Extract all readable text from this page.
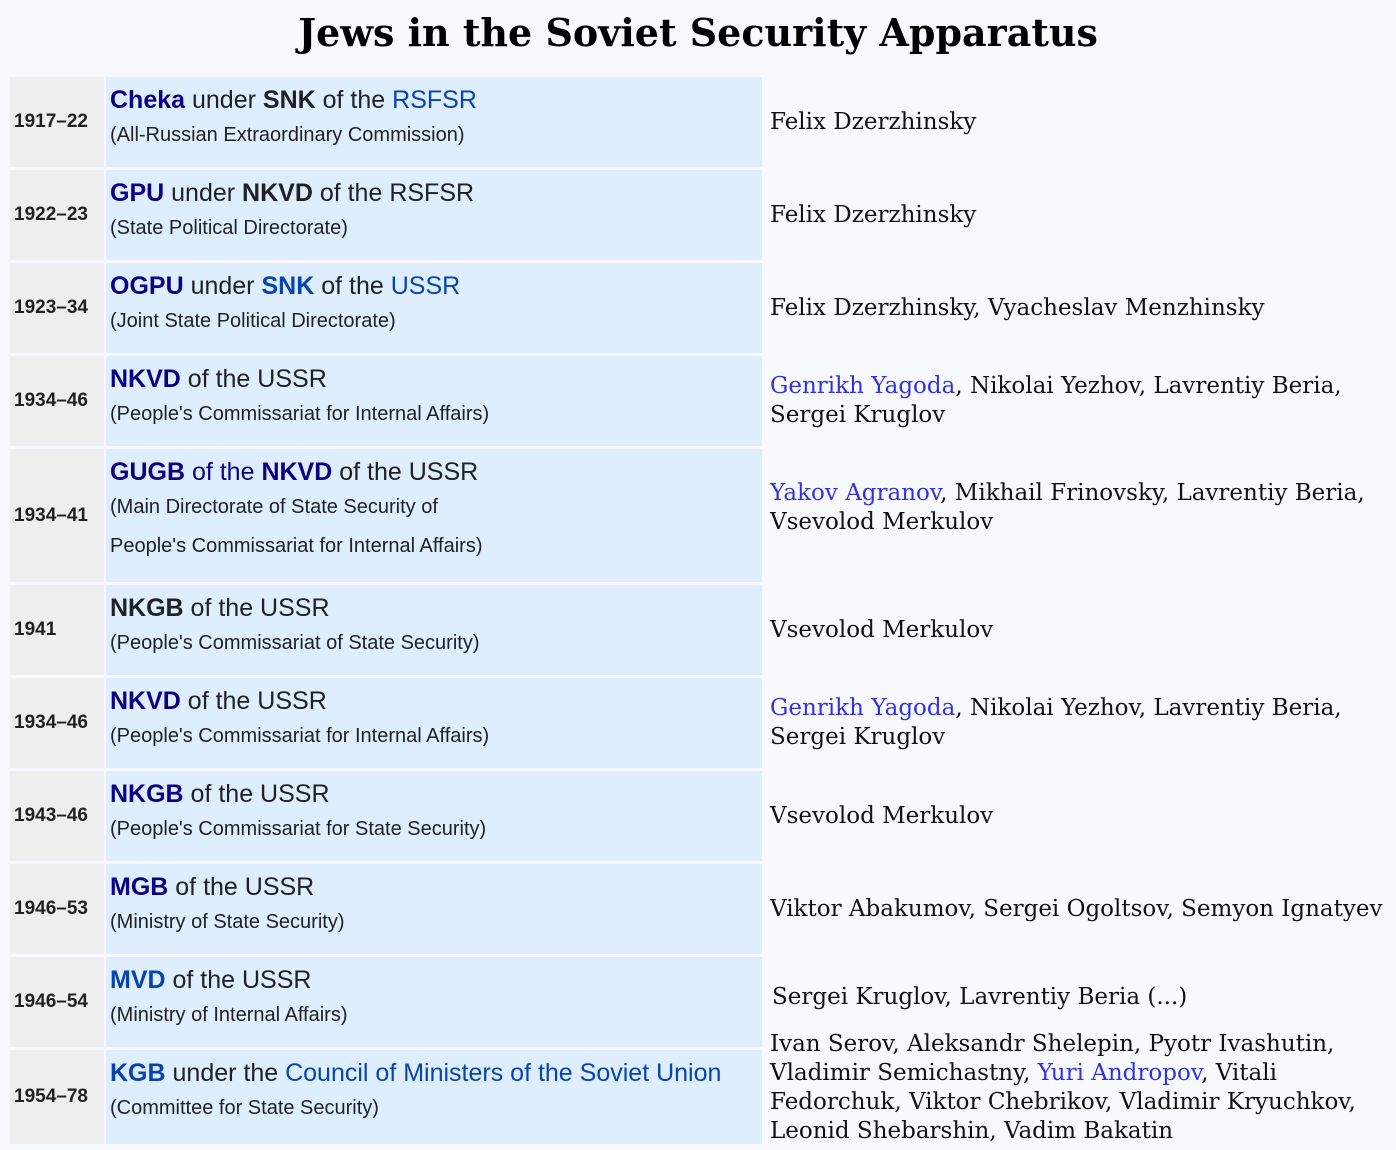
Jews in the Soviet Security Apparatus
1917–22
Cheka under SNK of the RSFSR
(All-Russian Extraordinary Commission)
Felix Dzerzhinsky
1922–23
GPU under NKVD of the RSFSR
(State Political Directorate)
Felix Dzerzhinsky
1923–34
OGPU under SNK of the USSR
(Joint State Political Directorate)
Felix Dzerzhinsky, Vyacheslav Menzhinsky
1934–46
NKVD of the USSR
(People's Commissariat for Internal Affairs)
Genrikh Yagoda, Nikolai Yezhov, Lavrentiy Beria, Sergei Kruglov
1934–41
GUGB of the NKVD of the USSR
(Main Directorate of State Security of
People's Commissariat for Internal Affairs)
Yakov Agranov, Mikhail Frinovsky, Lavrentiy Beria, Vsevolod Merkulov
1941
NKGB of the USSR
(People's Commissariat of State Security)
Vsevolod Merkulov
1934–46
NKVD of the USSR
(People's Commissariat for Internal Affairs)
Genrikh Yagoda, Nikolai Yezhov, Lavrentiy Beria, Sergei Kruglov
1943–46
NKGB of the USSR
(People's Commissariat for State Security)
Vsevolod Merkulov
1946–53
MGB of the USSR
(Ministry of State Security)
Viktor Abakumov, Sergei Ogoltsov, Semyon Ignatyev
1946–54
MVD of the USSR
(Ministry of Internal Affairs)
Sergei Kruglov, Lavrentiy Beria (...)
1954–78
KGB under the Council of Ministers of the Soviet Union
(Committee for State Security)
Ivan Serov, Aleksandr Shelepin, Pyotr Ivashutin, Vladimir Semichastny, Yuri Andropov, Vitali Fedorchuk, Viktor Chebrikov, Vladimir Kryuchkov, Leonid Shebarshin, Vadim Bakatin
